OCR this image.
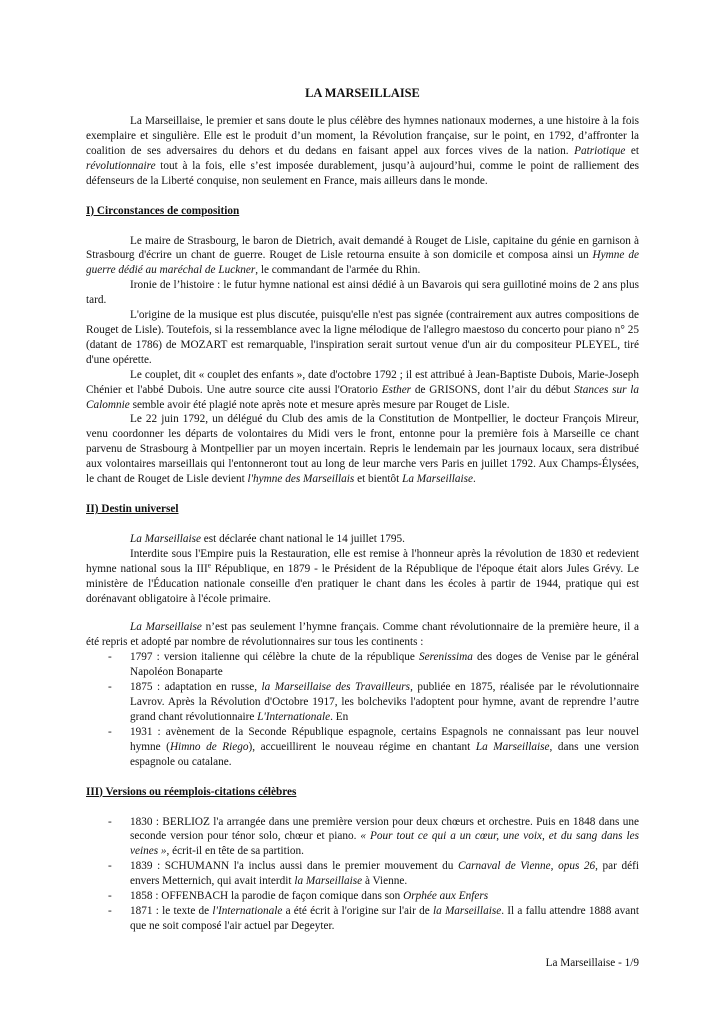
LA MARSEILLAISE

La Marseillaise, le premier et sans doute le plus célèbre des hymnes nationaux modernes, a une histoire à la fois exemplaire et singulière. Elle est le produit d’un moment, la Révolution française, sur le point, en 1792, d’affronter la coalition de ses adversaires du dehors et du dedans en faisant appel aux forces vives de la nation. Patriotique et révolutionnaire tout à la fois, elle s’est imposée durablement, jusqu’à aujourd’hui, comme le point de ralliement des défenseurs de la Liberté conquise, non seulement en France, mais ailleurs dans le monde.

I) Circonstances de composition

Le maire de Strasbourg, le baron de Dietrich, avait demandé à Rouget de Lisle, capitaine du génie en garnison à Strasbourg d'écrire un chant de guerre. Rouget de Lisle retourna ensuite à son domicile et composa ainsi un Hymne de guerre dédié au maréchal de Luckner, le commandant de l'armée du Rhin.

Ironie de l’histoire : le futur hymne national est ainsi dédié à un Bavarois qui sera guillotiné moins de 2 ans plus tard.

L'origine de la musique est plus discutée, puisqu'elle n'est pas signée (contrairement aux autres compositions de Rouget de Lisle). Toutefois, si la ressemblance avec la ligne mélodique de l'allegro maestoso du concerto pour piano n° 25 (datant de 1786) de MOZART est remarquable, l'inspiration serait surtout venue d'un air du compositeur PLEYEL, tiré d'une opérette.

Le couplet, dit « couplet des enfants », date d'octobre 1792 ; il est attribué à Jean-Baptiste Dubois, Marie-Joseph Chénier et l'abbé Dubois. Une autre source cite aussi l'Oratorio Esther de GRISONS, dont l’air du début Stances sur la Calomnie semble avoir été plagié note après note et mesure après mesure par Rouget de Lisle.

Le 22 juin 1792, un délégué du Club des amis de la Constitution de Montpellier, le docteur François Mireur, venu coordonner les départs de volontaires du Midi vers le front, entonne pour la première fois à Marseille ce chant parvenu de Strasbourg à Montpellier par un moyen incertain. Repris le lendemain par les journaux locaux, sera distribué aux volontaires marseillais qui l'entonneront tout au long de leur marche vers Paris en juillet 1792. Aux Champs-Élysées, le chant de Rouget de Lisle devient l'hymne des Marseillais et bientôt La Marseillaise.

II) Destin universel

La Marseillaise est déclarée chant national le 14 juillet 1795.

Interdite sous l'Empire puis la Restauration, elle est remise à l'honneur après la révolution de 1830 et redevient hymne national sous la IIIe République, en 1879 - le Président de la République de l'époque était alors Jules Grévy. Le ministère de l'Éducation nationale conseille d'en pratiquer le chant dans les écoles à partir de 1944, pratique qui est dorénavant obligatoire à l'école primaire.

La Marseillaise n’est pas seulement l’hymne français. Comme chant révolutionnaire de la première heure, il a été repris et adopté par nombre de révolutionnaires sur tous les continents :

- 1797 : version italienne qui célèbre la chute de la république Serenissima des doges de Venise par le général Napoléon Bonaparte
- 1875 : adaptation en russe, la Marseillaise des Travailleurs, publiée en 1875, réalisée par le révolutionnaire Lavrov. Après la Révolution d'Octobre 1917, les bolcheviks l'adoptent pour hymne, avant de reprendre l’autre grand chant révolutionnaire L'Internationale. En
- 1931 : avènement de la Seconde République espagnole, certains Espagnols ne connaissant pas leur nouvel hymne (Himno de Riego), accueillirent le nouveau régime en chantant La Marseillaise, dans une version espagnole ou catalane.
III) Versions ou réemplois-citations célèbres
- 1830 : BERLIOZ l'a arrangée dans une première version pour deux chœurs et orchestre. Puis en 1848 dans une seconde version pour ténor solo, chœur et piano. « Pour tout ce qui a un cœur, une voix, et du sang dans les veines », écrit-il en tête de sa partition.
- 1839 : SCHUMANN l'a inclus aussi dans le premier mouvement du Carnaval de Vienne, opus 26, par défi envers Metternich, qui avait interdit la Marseillaise à Vienne.
- 1858 : OFFENBACH la parodie de façon comique dans son Orphée aux Enfers
- 1871 : le texte de l'Internationale a été écrit à l'origine sur l'air de la Marseillaise. Il a fallu attendre 1888 avant que ne soit composé l'air actuel par Degeyter.
La Marseillaise - 1/9
